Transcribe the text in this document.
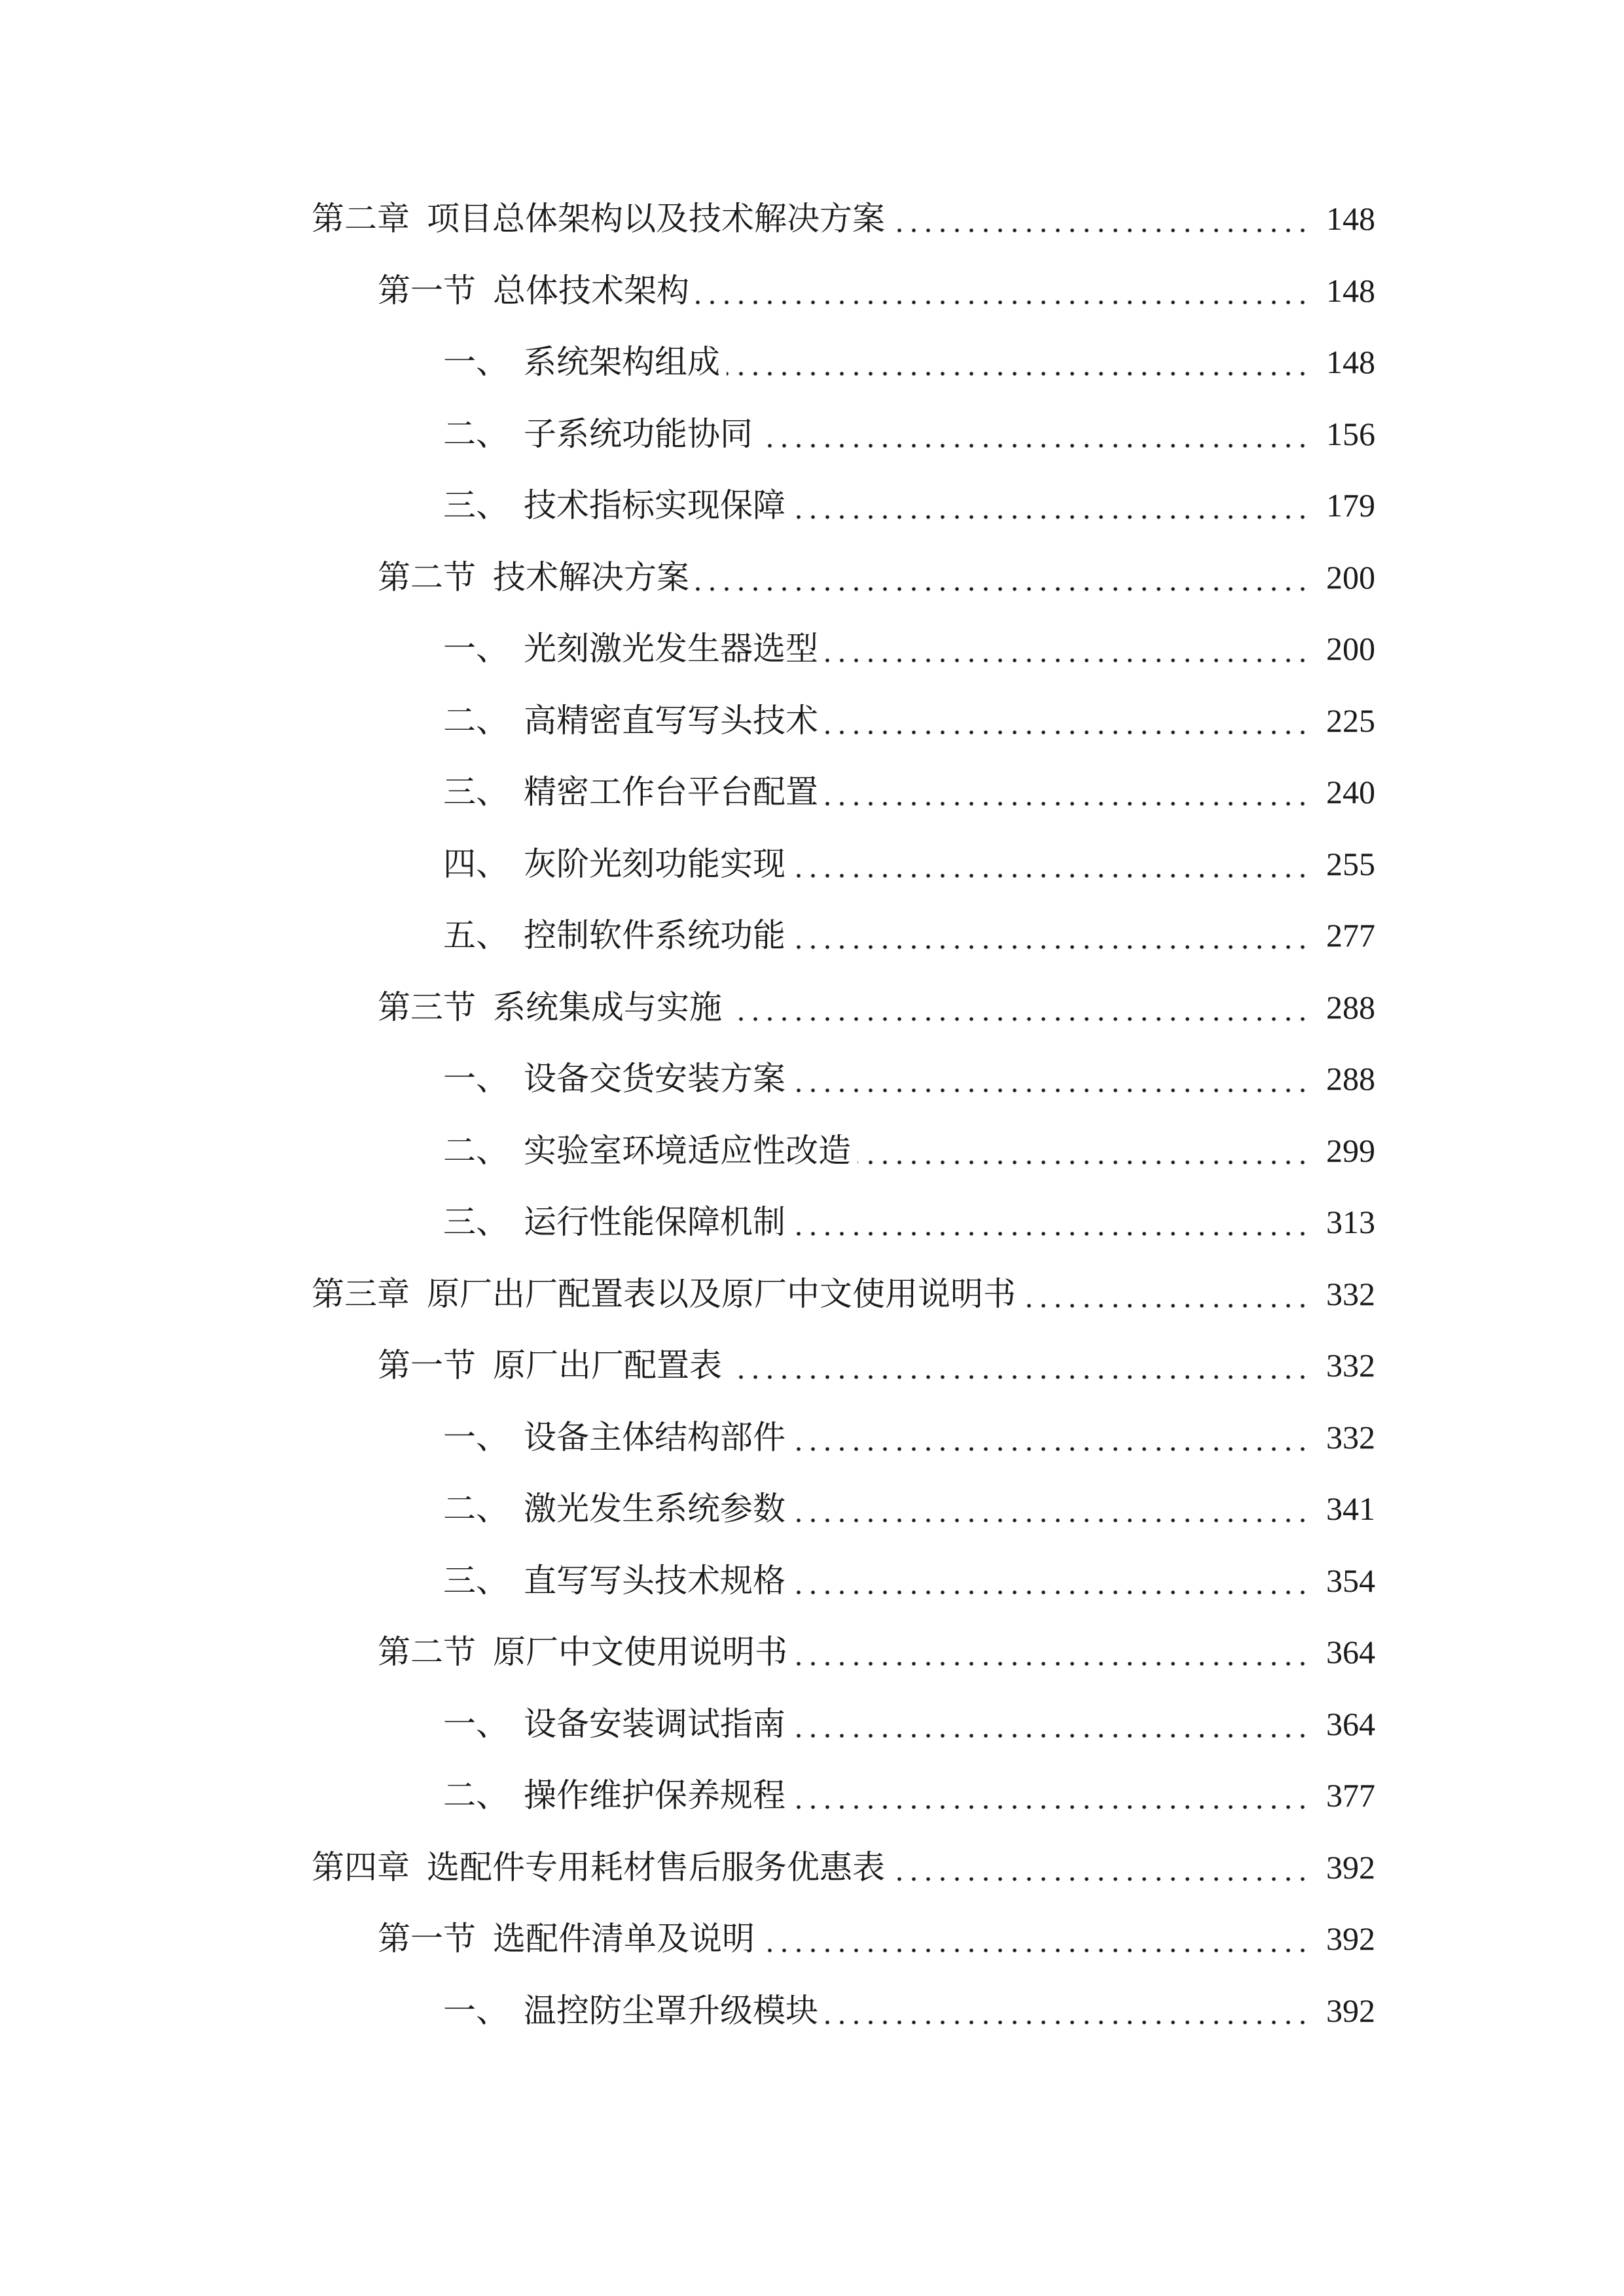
第二章 项目总体架构以及技术解决方案	148
第一节 总体技术架构	148
一、 系统架构组成	148
二、 子系统功能协同	156
三、 技术指标实现保障	179
第二节 技术解决方案	200
一、 光刻激光发生器选型	200
二、 高精密直写写头技术	225
三、 精密工作台平台配置	240
四、 灰阶光刻功能实现	255
五、 控制软件系统功能	277
第三节 系统集成与实施	288
一、 设备交货安装方案	288
二、 实验室环境适应性改造	299
三、 运行性能保障机制	313
第三章 原厂出厂配置表以及原厂中文使用说明书	332
第一节 原厂出厂配置表	332
一、 设备主体结构部件	332
二、 激光发生系统参数	341
三、 直写写头技术规格	354
第二节 原厂中文使用说明书	364
一、 设备安装调试指南	364
二、 操作维护保养规程	377
第四章 选配件专用耗材售后服务优惠表	392
第一节 选配件清单及说明	392
一、 温控防尘罩升级模块	392
